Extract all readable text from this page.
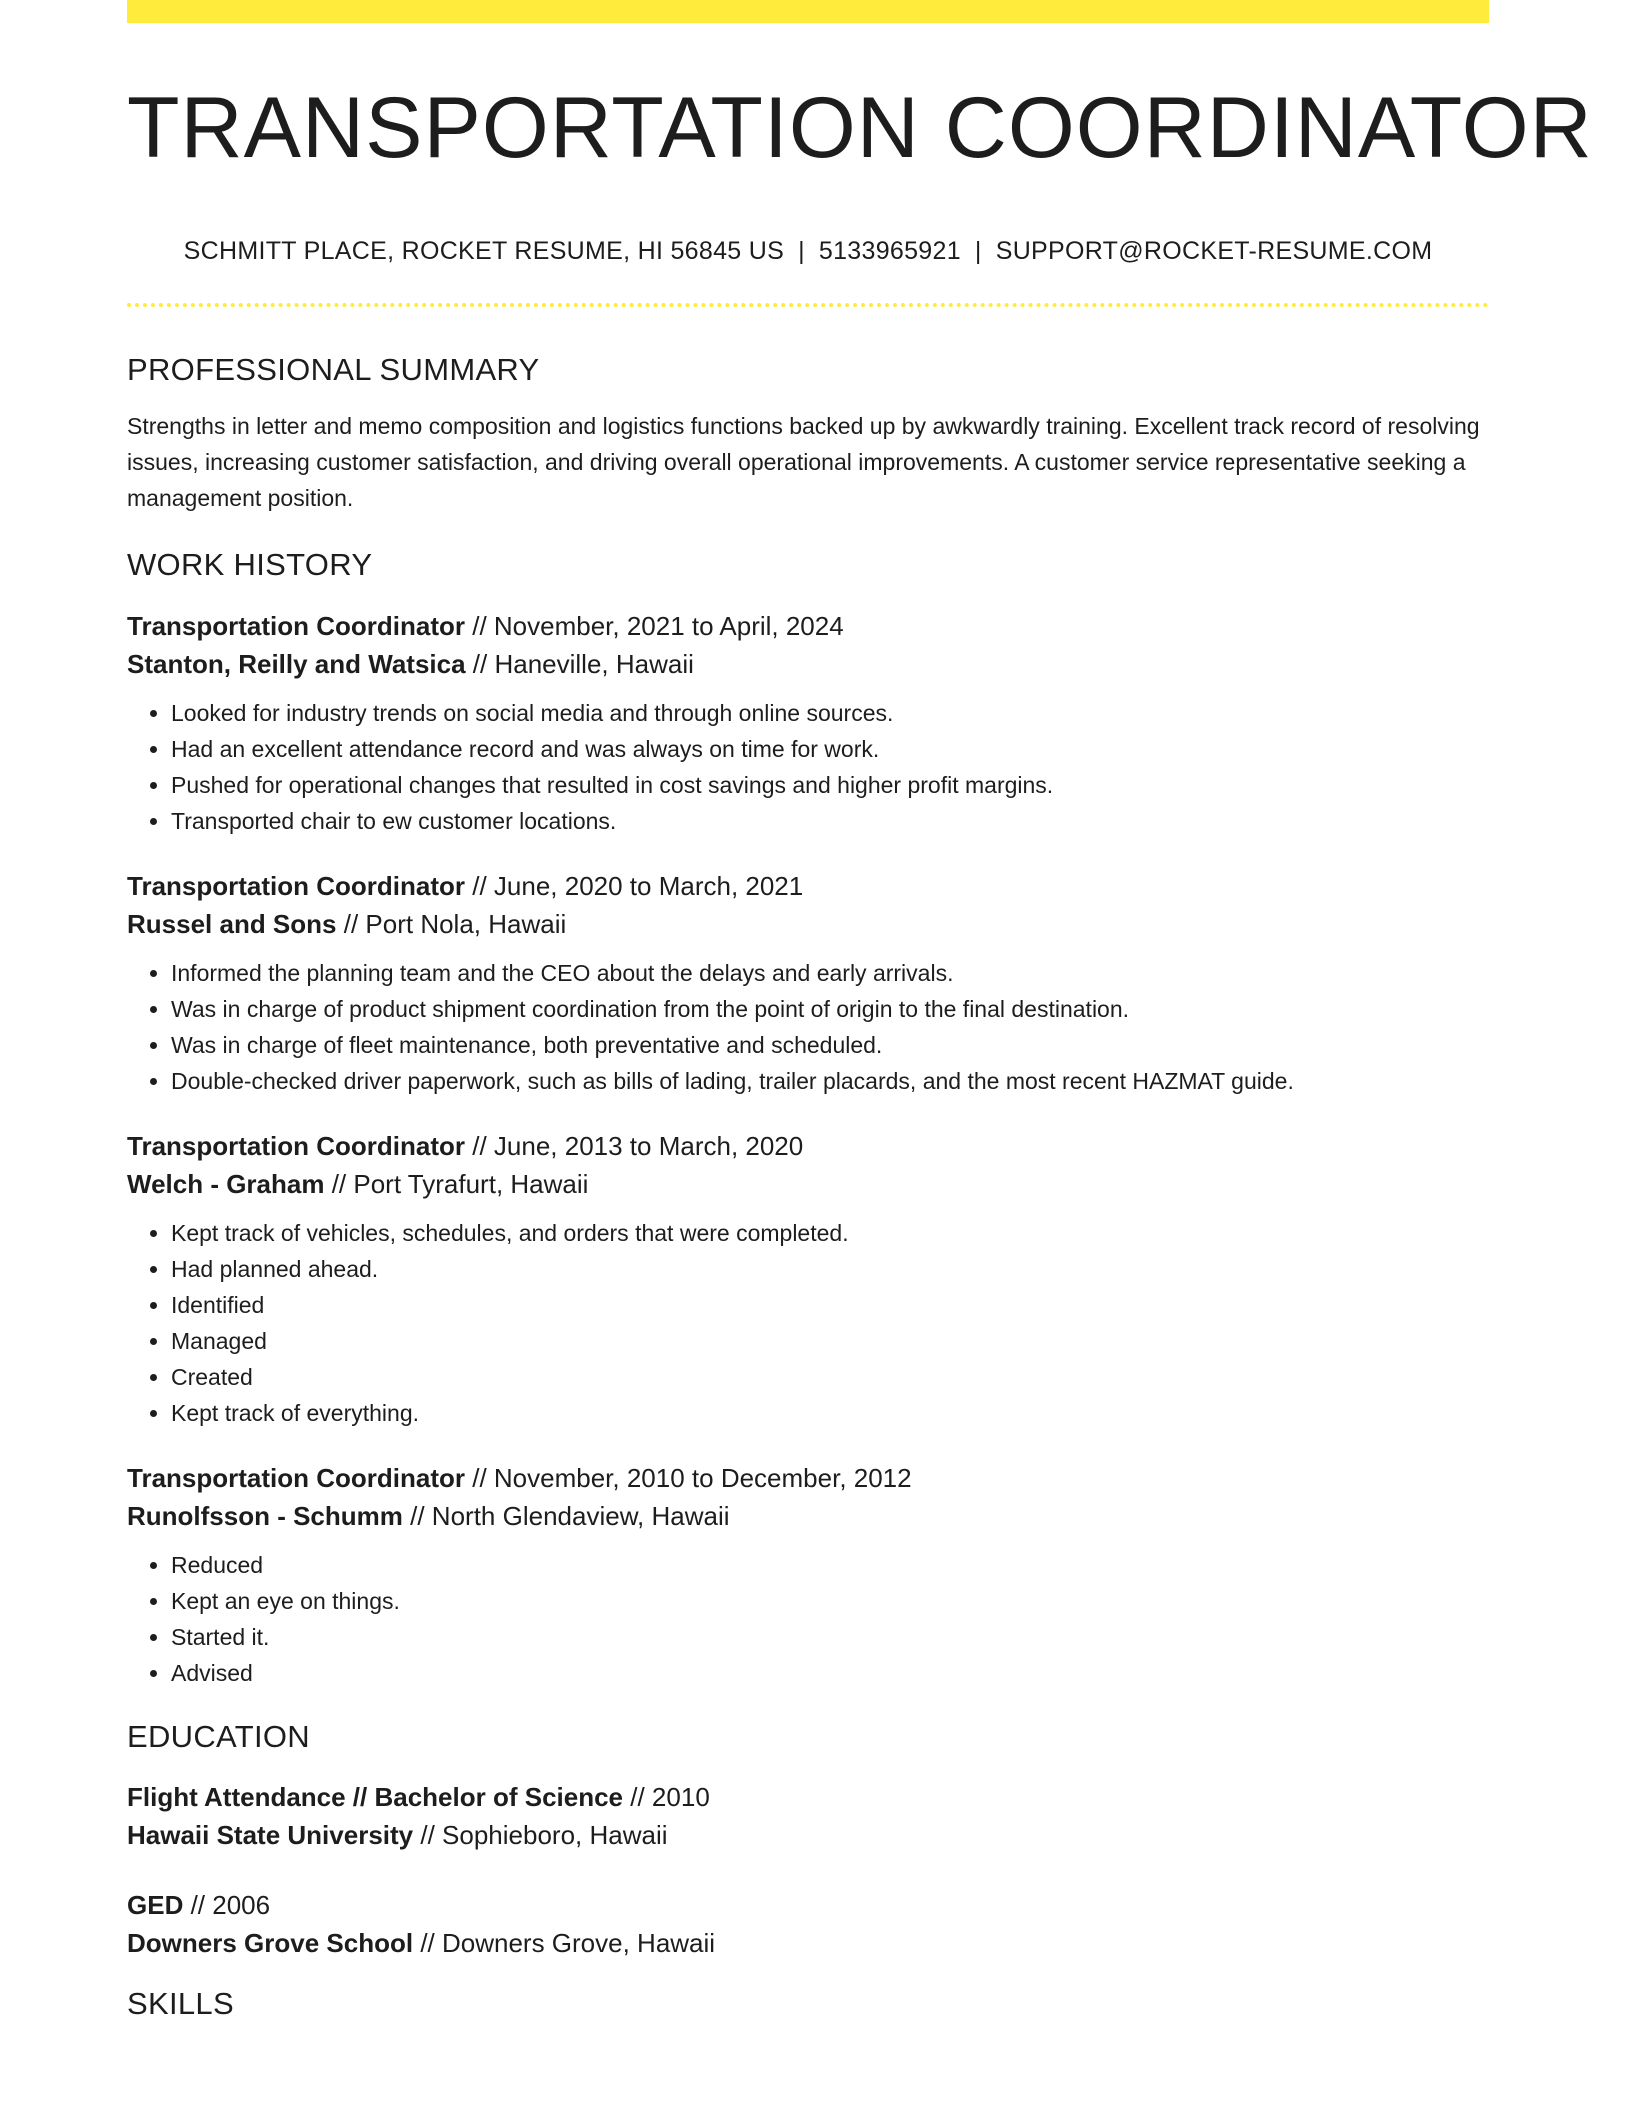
TRANSPORTATION COORDINATOR
SCHMITT PLACE, ROCKET RESUME, HI 56845 US | 5133965921 | SUPPORT@ROCKET-RESUME.COM
PROFESSIONAL SUMMARY

Strengths in letter and memo composition and logistics functions backed up by awkwardly training. Excellent track record of resolving issues, increasing customer satisfaction, and driving overall operational improvements. A customer service representative seeking a management position.

WORK HISTORY
Transportation Coordinator // November, 2021 to April, 2024
Stanton, Reilly and Watsica // Haneville, Hawaii
• Looked for industry trends on social media and through online sources.
• Had an excellent attendance record and was always on time for work.
• Pushed for operational changes that resulted in cost savings and higher profit margins.
• Transported chair to ew customer locations.
Transportation Coordinator // June, 2020 to March, 2021
Russel and Sons // Port Nola, Hawaii
• Informed the planning team and the CEO about the delays and early arrivals.
• Was in charge of product shipment coordination from the point of origin to the final destination.
• Was in charge of fleet maintenance, both preventative and scheduled.
• Double-checked driver paperwork, such as bills of lading, trailer placards, and the most recent HAZMAT guide.
Transportation Coordinator // June, 2013 to March, 2020
Welch - Graham // Port Tyrafurt, Hawaii
• Kept track of vehicles, schedules, and orders that were completed.
• Had planned ahead.
• Identified
• Managed
• Created
• Kept track of everything.
Transportation Coordinator // November, 2010 to December, 2012
Runolfsson - Schumm // North Glendaview, Hawaii
• Reduced
• Kept an eye on things.
• Started it.
• Advised
EDUCATION
Flight Attendance // Bachelor of Science // 2010
Hawaii State University // Sophieboro, Hawaii
GED // 2006
Downers Grove School // Downers Grove, Hawaii
SKILLS
